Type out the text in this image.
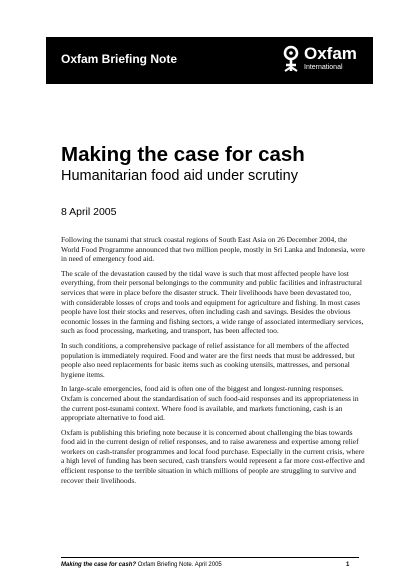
Oxfam Briefing Note	Oxfam
International
Making the case for cash
Humanitarian food aid under scrutiny
8 April 2005

Following the tsunami that struck coastal regions of South East Asia on 26 December 2004, the World Food Programme announced that two million people, mostly in Sri Lanka and Indonesia, were in need of emergency food aid.

The scale of the devastation caused by the tidal wave is such that most affected people have lost everything, from their personal belongings to the community and public facilities and infrastructural services that were in place before the disaster struck. Their livelihoods have been devastated too, with considerable losses of crops and tools and equipment for agriculture and fishing. In most cases people have lost their stocks and reserves, often including cash and savings. Besides the obvious economic losses in the farming and fishing sectors, a wide range of associated intermediary services, such as food processing, marketing, and transport, has been affected too.

In such conditions, a comprehensive package of relief assistance for all members of the affected population is immediately required. Food and water are the first needs that must be addressed, but people also need replacements for basic items such as cooking utensils, mattresses, and personal hygiene items.

In large-scale emergencies, food aid is often one of the biggest and longest-running responses. Oxfam is concerned about the standardisation of such food-aid responses and its appropriateness in the current post-tsunami context. Where food is available, and markets functioning, cash is an appropriate alternative to food aid.

Oxfam is publishing this briefing note because it is concerned about challenging the bias towards food aid in the current design of relief responses, and to raise awareness and expertise among relief workers on cash-transfer programmes and local food purchase. Especially in the current crisis, where a high level of funding has been secured, cash transfers would represent a far more cost-effective and efficient response to the terrible situation in which millions of people are struggling to survive and recover their livelihoods.

Making the case for cash? Oxfam Briefing Note. April 2005	1
